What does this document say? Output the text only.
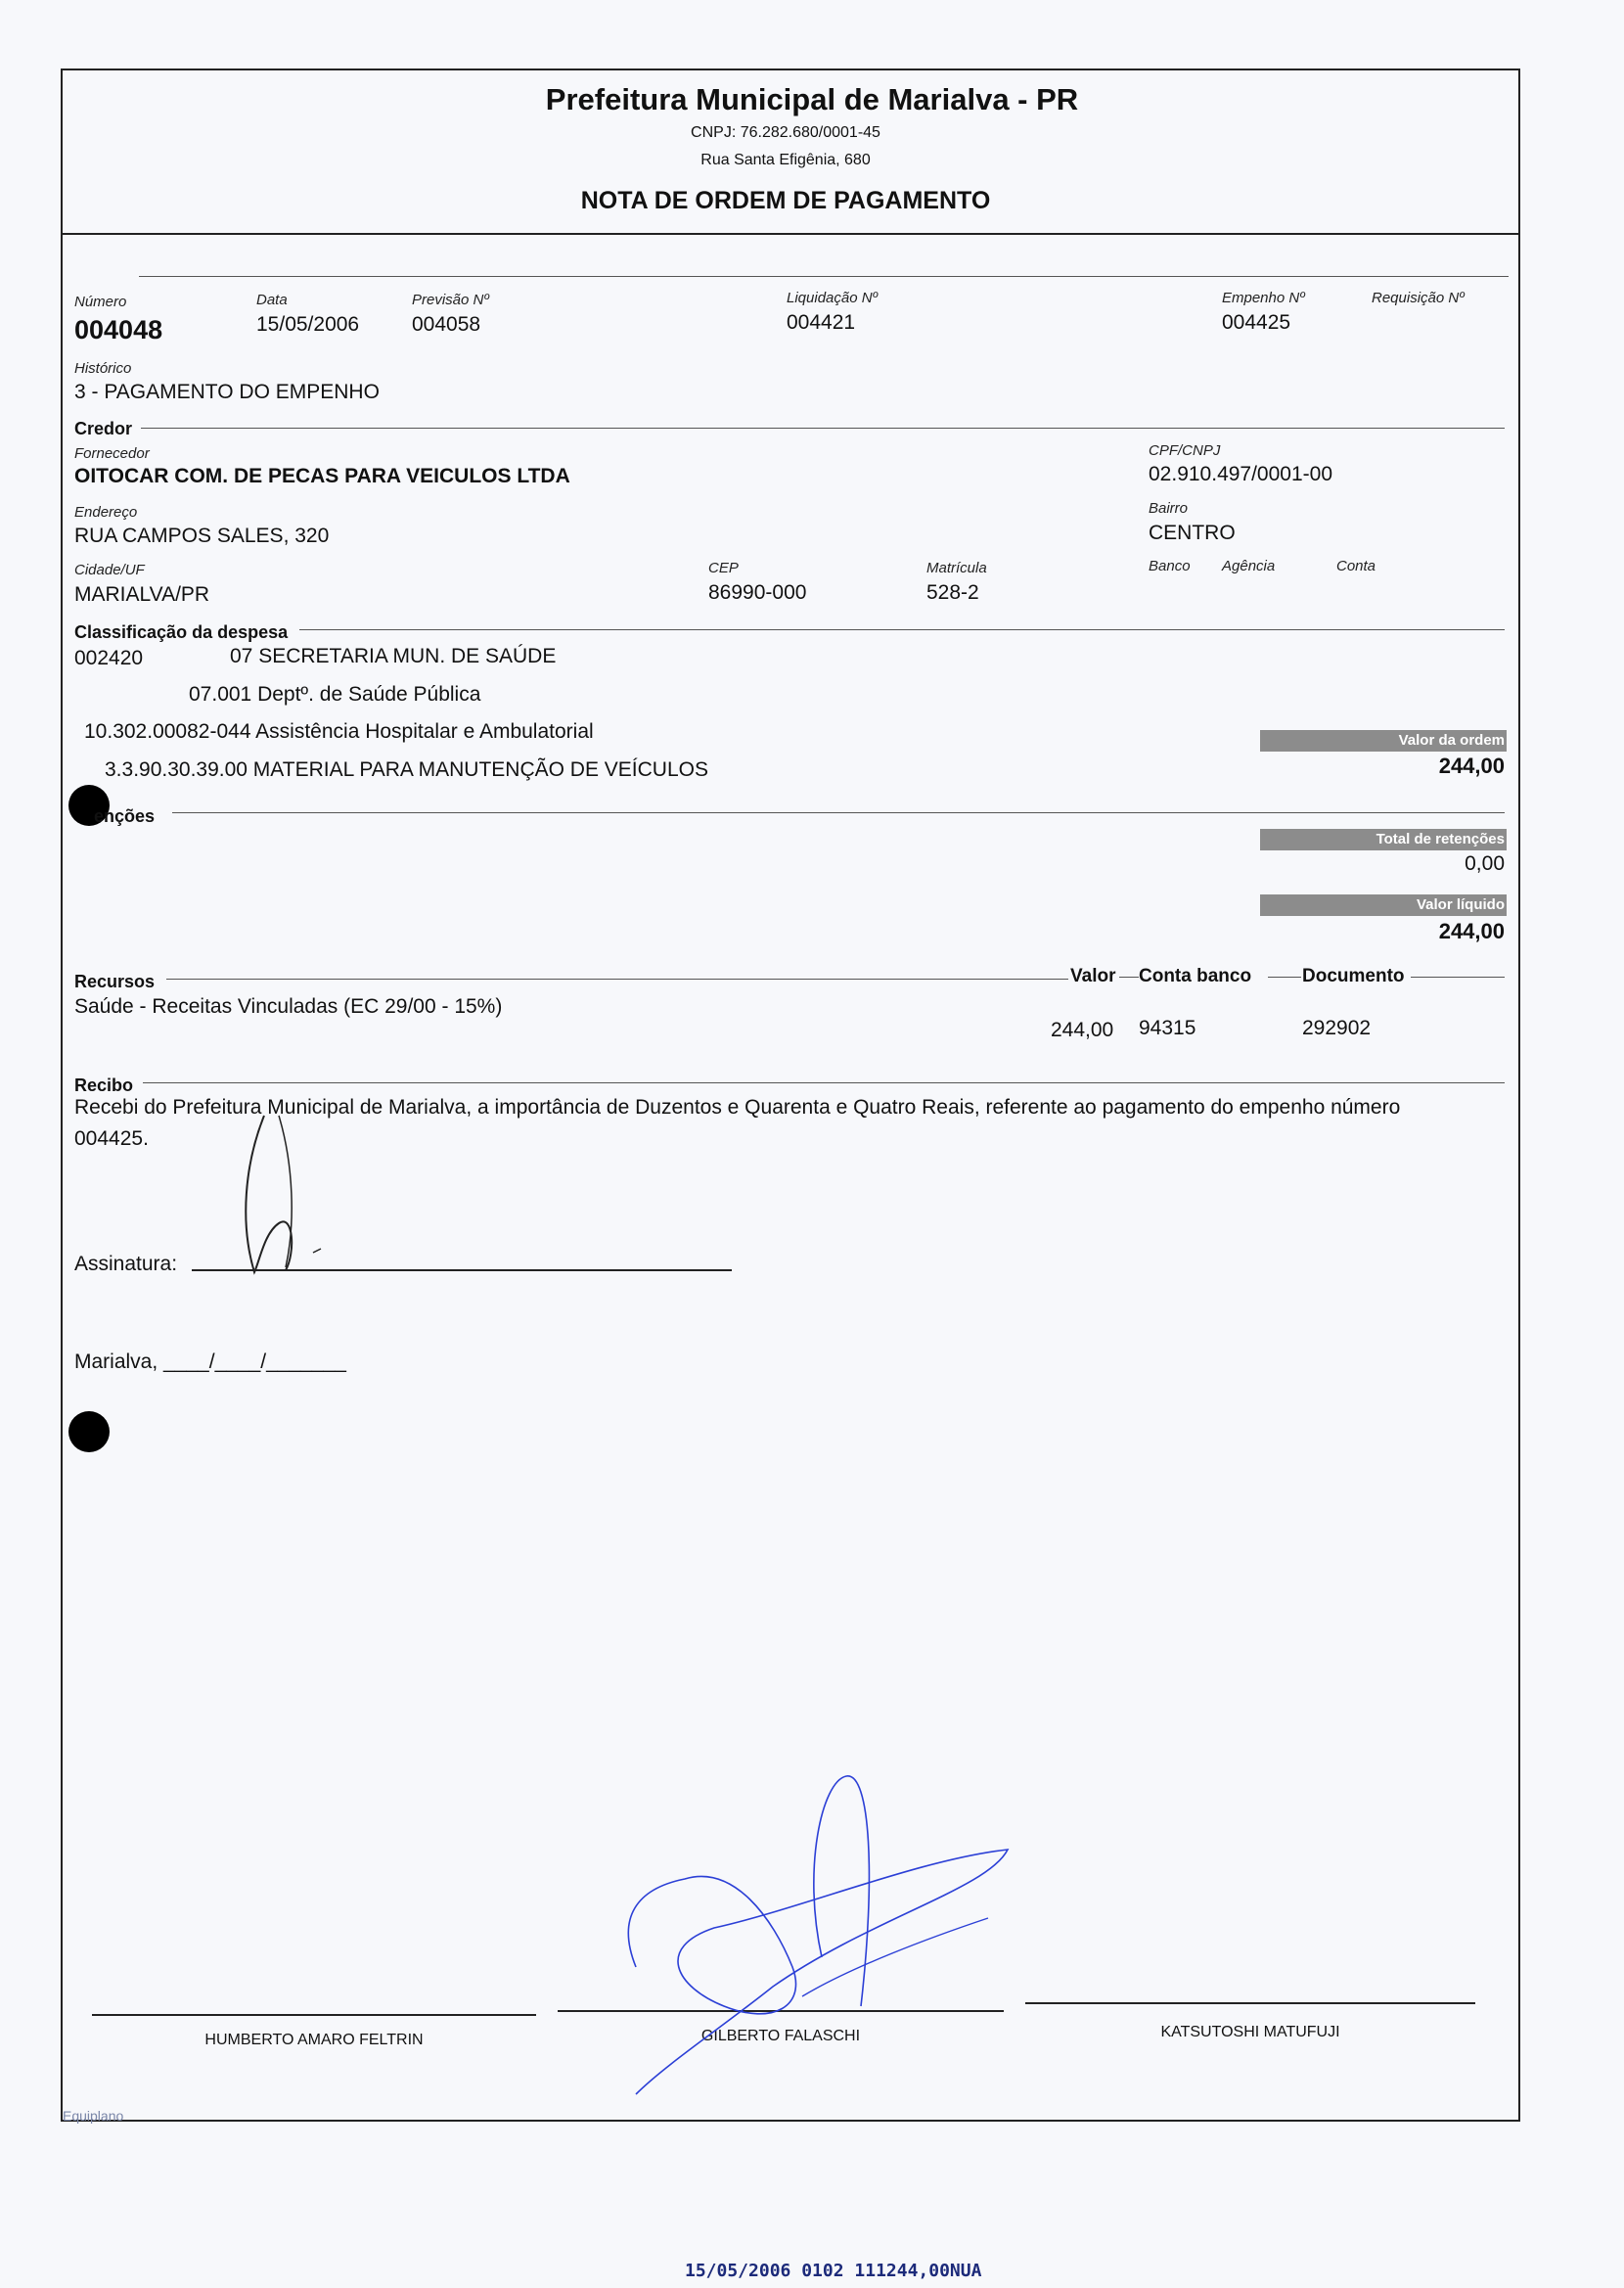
Prefeitura Municipal de Marialva - PR
CNPJ: 76.282.680/0001-45
Rua Santa Efigênia, 680
NOTA DE ORDEM DE PAGAMENTO
Número
004048
Data
15/05/2006
Previsão Nº
004058
Liquidação Nº
004421
Empenho Nº
004425
Requisição Nº
Histórico
3 - PAGAMENTO DO EMPENHO
Credor
Fornecedor
OITOCAR COM. DE PECAS PARA VEICULOS LTDA
CPF/CNPJ
02.910.497/0001-00
Endereço
RUA CAMPOS SALES, 320
Bairro
CENTRO
Cidade/UF
MARIALVA/PR
CEP
86990-000
Matrícula
528-2
Banco Agência	Conta
Classificação da despesa
002420	07 SECRETARIA MUN. DE SAÚDE
07.001 Deptº. de Saúde Pública
10.302.00082-044 Assistência Hospitalar e Ambulatorial
3.3.90.30.39.00 MATERIAL PARA MANUTENÇÃO DE VEÍCULOS
Valor da ordem
244,00
enções
Total de retenções
0,00
Valor líquido
244,00
Recursos	Valor Conta banco	Documento
Saúde - Receitas Vinculadas (EC 29/00 - 15%)
244,00 94315	292902
Recibo
Recebi do Prefeitura Municipal de Marialva, a importância de Duzentos e Quarenta e Quatro Reais, referente ao pagamento do empenho número
004425.
Assinatura:
Marialva, ____/____/_______
HUMBERTO AMARO FELTRIN	GILBERTO FALASCHI	KATSUTOSHI MATUFUJI
Equiplano
15/05/2006 0102 111244,00NUA
